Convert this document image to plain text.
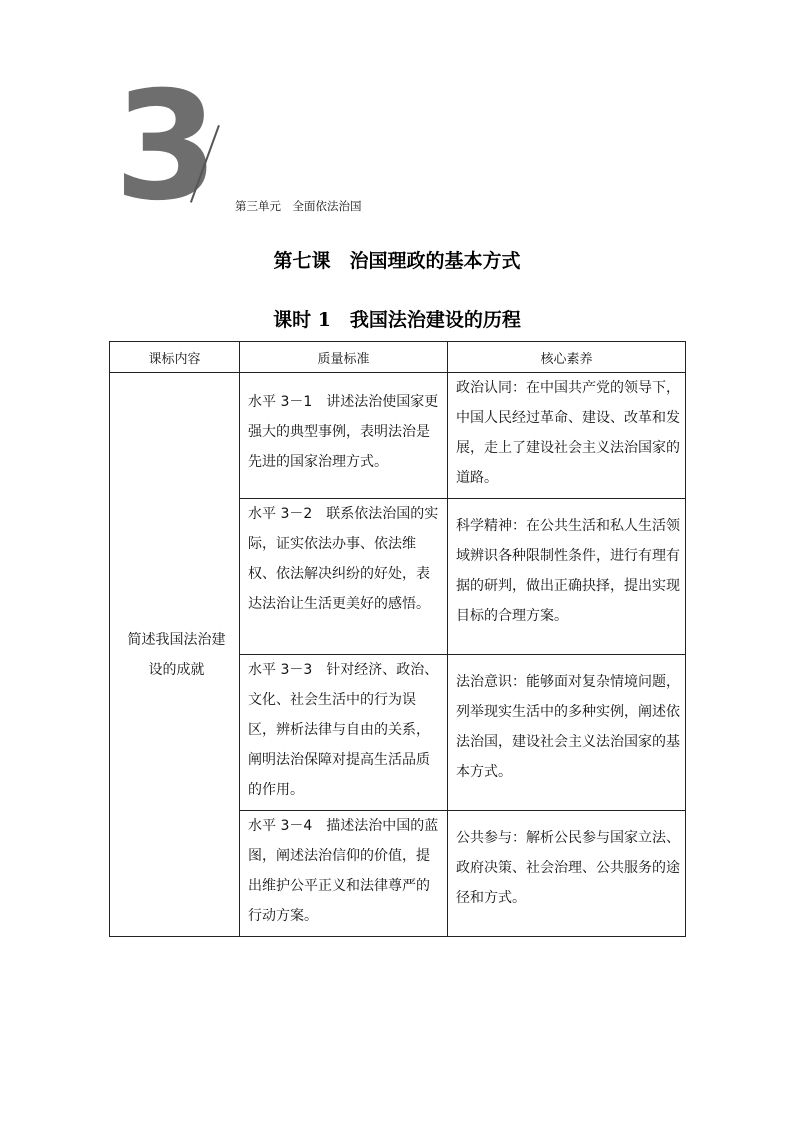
3 第三单元　全面依法治国
第七课　治国理政的基本方式
课时 1　我国法治建设的历程
课标内容	质量标准	核心素养
简述我国法治建
设的成就	水平 3－1　讲述法治使国家更强大的典型事例，表明法治是先进的国家治理方式。	政治认同：在中国共产党的领导下，中国人民经过革命、建设、改革和发展，走上了建设社会主义法治国家的道路。
	水平 3－2　联系依法治国的实际，证实依法办事、依法维权、依法解决纠纷的好处，表达法治让生活更美好的感悟。	科学精神：在公共生活和私人生活领域辨识各种限制性条件，进行有理有据的研判，做出正确抉择，提出实现目标的合理方案。
	水平 3－3　针对经济、政治、文化、社会生活中的行为误区，辨析法律与自由的关系，阐明法治保障对提高生活品质的作用。	法治意识：能够面对复杂情境问题，列举现实生活中的多种实例，阐述依法治国，建设社会主义法治国家的基本方式。
	水平 3－4　描述法治中国的蓝图，阐述法治信仰的价值，提出维护公平正义和法律尊严的行动方案。	公共参与：解析公民参与国家立法、政府决策、社会治理、公共服务的途径和方式。
